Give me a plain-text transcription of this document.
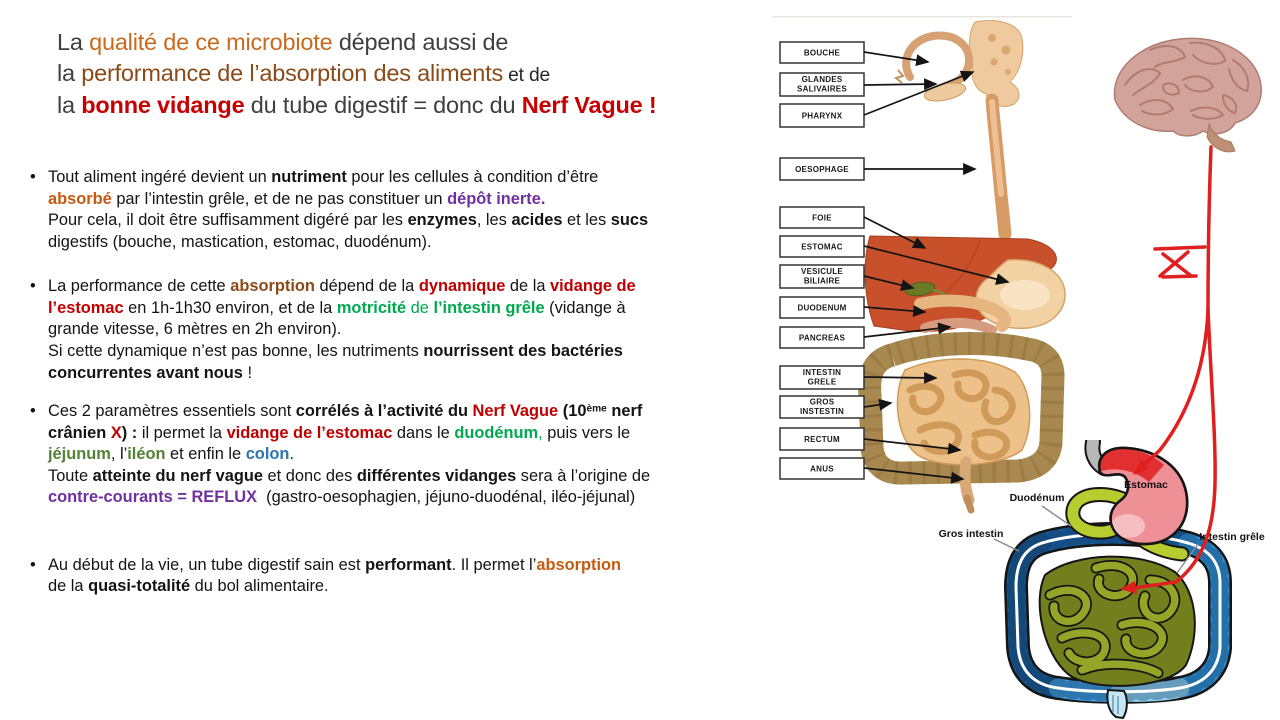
La qualité de ce microbiote dépend aussi de
la performance de l’absorption des aliments et de
la bonne vidange du tube digestif = donc du Nerf Vague !
• Tout aliment ingéré devient un nutriment pour les cellules à condition d’être
absorbé par l’intestin grêle, et de ne pas constituer un dépôt inerte.
Pour cela, il doit être suffisamment digéré par les enzymes, les acides et les sucs
digestifs (bouche, mastication, estomac, duodénum).
• La performance de cette absorption dépend de la dynamique de la vidange de
l’estomac en 1h-1h30 environ, et de la motricité de l’intestin grêle (vidange à
grande vitesse, 6 mètres en 2h environ).
Si cette dynamique n’est pas bonne, les nutriments nourrissent des bactéries
concurrentes avant nous !
• Ces 2 paramètres essentiels sont corrélés à l’activité du Nerf Vague (10ème nerf
crânien X) : il permet la vidange de l’estomac dans le duodénum, puis vers le
jéjunum, l’iléon et enfin le colon.
Toute atteinte du nerf vague et donc des différentes vidanges sera à l’origine de
contre-courants = REFLUX  (gastro-oesophagien, jéjuno-duodénal, iléo-jéjunal)
• Au début de la vie, un tube digestif sain est performant. Il permet l’absorption
de la quasi-totalité du bol alimentaire.
BOUCHE
GLANDES
SALIVAIRES
PHARYNX
OESOPHAGE
FOIE
ESTOMAC
VESICULE
BILIAIRE
DUODENUM
PANCREAS
INTESTIN
GRELE
GROS
INSTESTIN
RECTUM
ANUS
Estomac
Duodénum
Gros intestin	Intestin grêle
